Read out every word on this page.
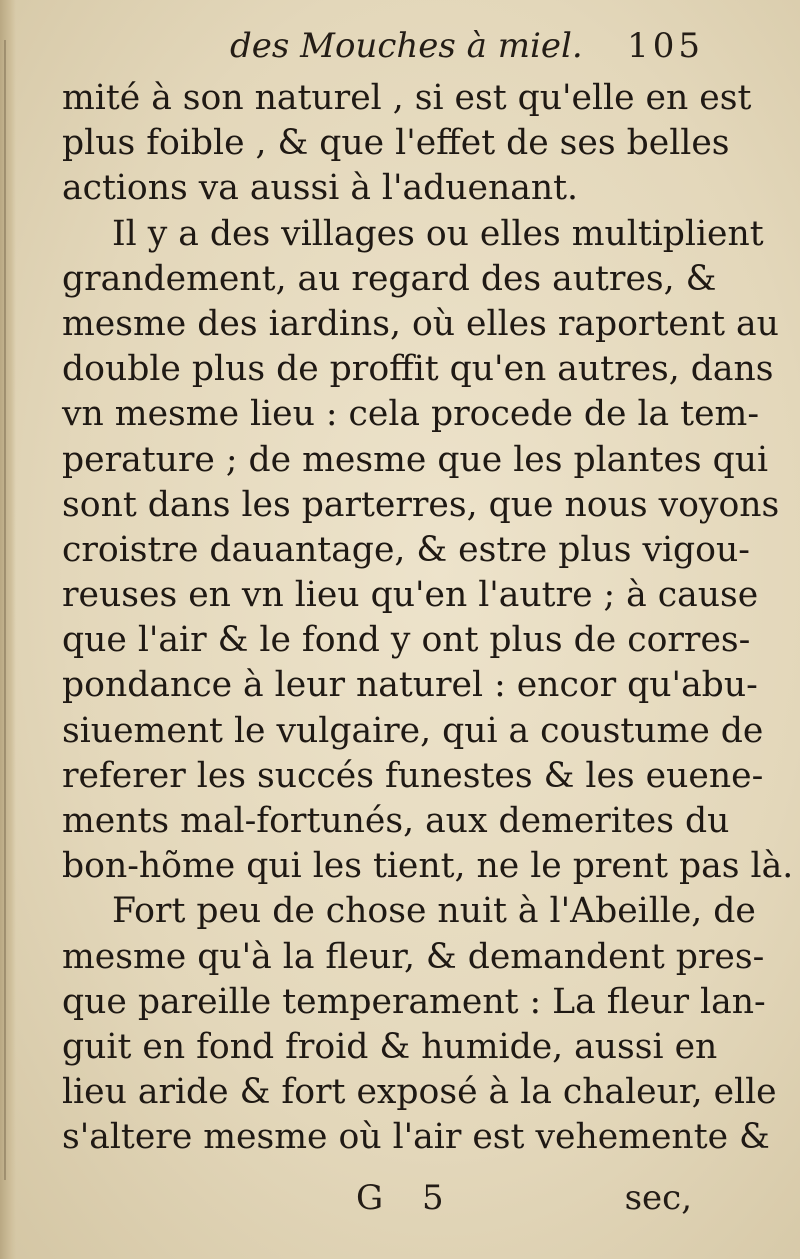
des Mouches à miel. 105
mité à son naturel , si est qu'elle en est
plus foible , & que l'effet de ses belles
actions va aussi à l'aduenant.
Il y a des villages ou elles multiplient
grandement, au regard des autres, &
mesme des iardins, où elles raportent au
double plus de proffit qu'en autres, dans
vn mesme lieu : cela procede de la tem-
perature ; de mesme que les plantes qui
sont dans les parterres, que nous voyons
croistre dauantage, & estre plus vigou-
reuses en vn lieu qu'en l'autre ; à cause
que l'air & le fond y ont plus de corres-
pondance à leur naturel : encor qu'abu-
siuement le vulgaire, qui a coustume de
referer les succés funestes & les euene-
ments mal-fortunés, aux demerites du
bon-hõme qui les tient, ne le prent pas là.
Fort peu de chose nuit à l'Abeille, de
mesme qu'à la fleur, & demandent pres-
que pareille temperament : La fleur lan-
guit en fond froid & humide, aussi en
lieu aride & fort exposé à la chaleur, elle
s'altere mesme où l'air est vehemente &
G 5	sec,
